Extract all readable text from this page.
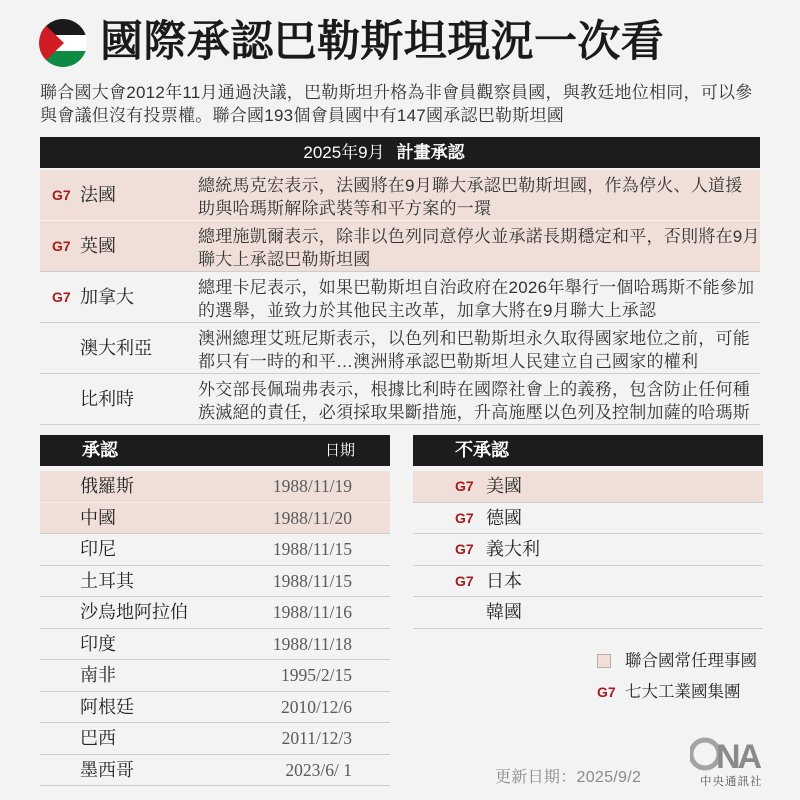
國際承認巴勒斯坦現況一次看
聯合國大會2012年11月通過決議，巴勒斯坦升格為非會員觀察員國，與教廷地位相同，可以參
與會議但沒有投票權。聯合國193個會員國中有147國承認巴勒斯坦國
2025年9月 計畫承認
G7 法國	總統馬克宏表示，法國將在9月聯大承認巴勒斯坦國，作為停火、人道援
助與哈瑪斯解除武裝等和平方案的一環
G7 英國	總理施凱爾表示，除非以色列同意停火並承諾長期穩定和平，否則將在9月
聯大上承認巴勒斯坦國
G7 加拿大	總理卡尼表示，如果巴勒斯坦自治政府在2026年舉行一個哈瑪斯不能參加
的選舉，並致力於其他民主改革，加拿大將在9月聯大上承認
澳大利亞	澳洲總理艾班尼斯表示，以色列和巴勒斯坦永久取得國家地位之前，可能
都只有一時的和平…澳洲將承認巴勒斯坦人民建立自己國家的權利
比利時	外交部長佩瑞弗表示，根據比利時在國際社會上的義務，包含防止任何種
族滅絕的責任，必須採取果斷措施，升高施壓以色列及控制加薩的哈瑪斯
承認	日期
俄羅斯	1988/11/19
中國	1988/11/20
印尼	1988/11/15
土耳其	1988/11/15
沙烏地阿拉伯	1988/11/16
印度	1988/11/18
南非	1995/2/15
阿根廷	2010/12/6
巴西	2011/12/3
墨西哥	2023/6/ 1
不承認
G7 美國
G7 德國
G7 義大利
G7 日本
韓國
聯合國常任理事國
G7 七大工業國集團
更新日期：2025/9/2
NA
中央通訊社
